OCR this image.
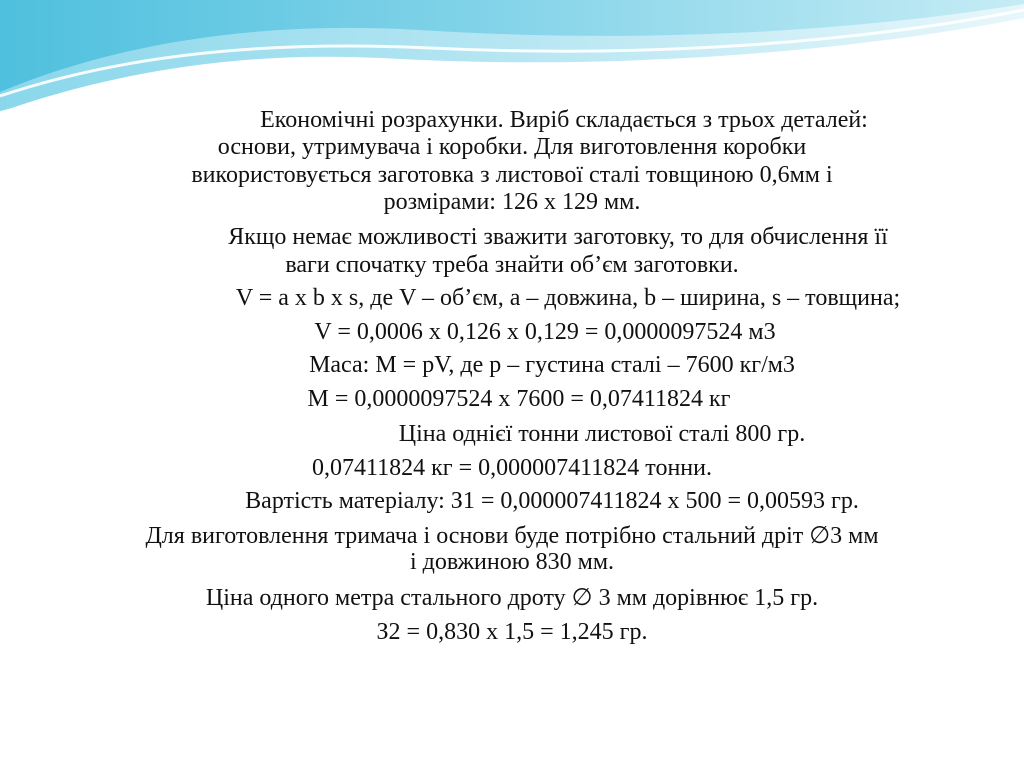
Економічні розрахунки. Виріб складається з трьох деталей:
основи, утримувача і коробки. Для виготовлення коробки
використовується заготовка з листової сталі товщиною 0,6мм і
розмірами: 126 х 129 мм.
Якщо немає можливості зважити заготовку, то для обчислення її
ваги спочатку треба знайти об’єм заготовки.
V = a x b x s, де V – об’єм, a – довжина, b – ширина, s – товщина;
V = 0,0006 х 0,126 х 0,129 = 0,0000097524 м3
Маса: М = pV, де p – густина сталі – 7600 кг/м3
М = 0,0000097524 х 7600 = 0,07411824 кг
Ціна однієї тонни листової сталі 800 гр.
0,07411824 кг = 0,000007411824 тонни.
Вартість матеріалу: З1 = 0,000007411824 х 500 = 0,00593 гр.
Для виготовлення тримача і основи буде потрібно стальний дріт ∅3 мм
і довжиною 830 мм.
Ціна одного метра стального дроту ∅ 3 мм дорівнює 1,5 гр.
З2 = 0,830 х 1,5 = 1,245 гр.
